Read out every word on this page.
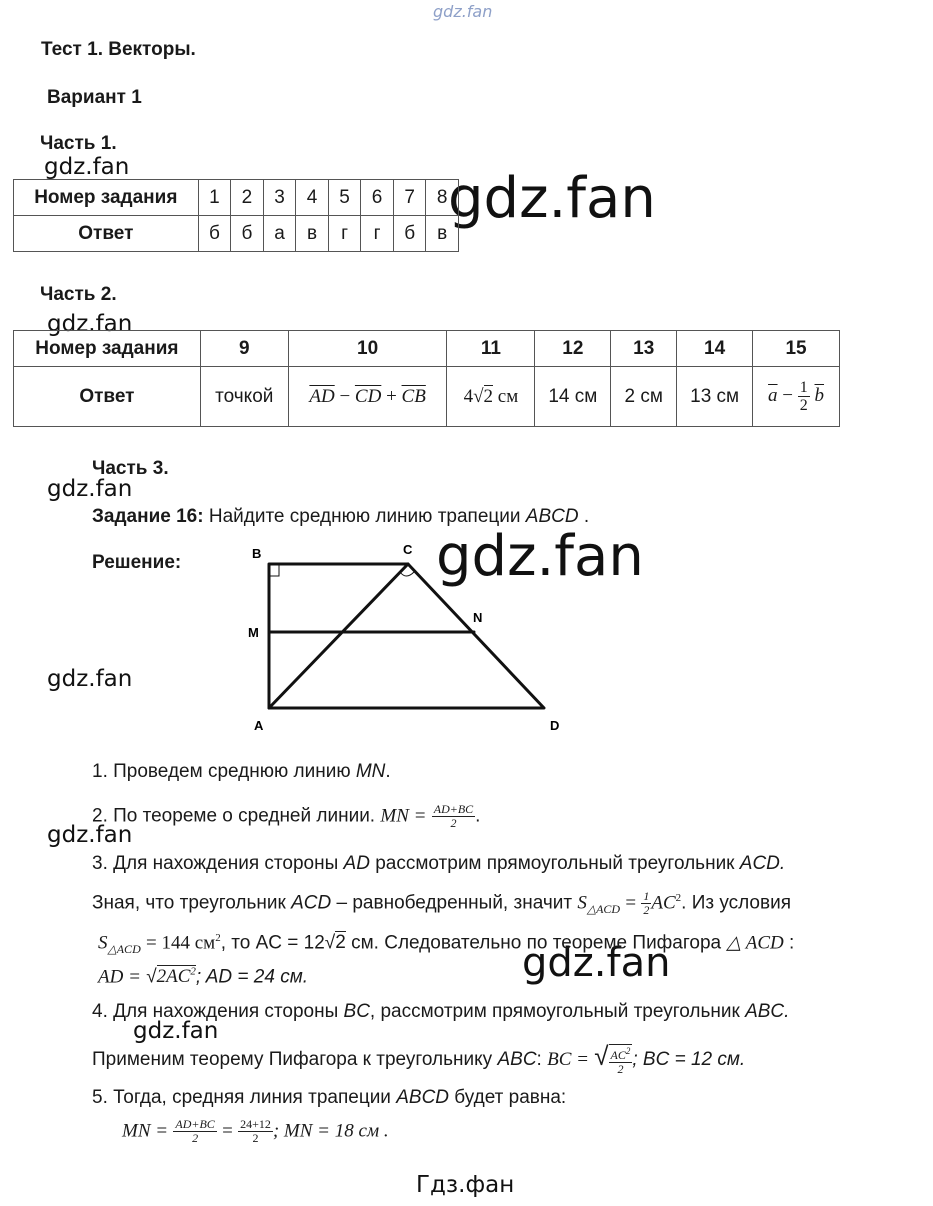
gdz.fan
gdz.fan	gdz.fan
gdz.fan
gdz.fan
gdz.fan
gdz.fan
gdz.fan
gdz.fan
gdz.fan
Гдз.фан
Тест 1. Векторы.
Вариант 1
Часть 1.
Номер задания	1	2	3	4	5	6	7	8
Ответ	б	б	а	в	г	г	б	в
Часть 2.
Номер задания	9	10	11	12	13	14	15
Ответ	точкой	$\overline{AD} - \overline{CD} + \overline{CB}$	4√2 см	14 см	2 см	13 см	$\overline{a} - \frac{1}{2} \overline{b}$
Часть 3.
Задание 16: Найдите среднюю линию трапеции ABCD .
Решение:	B	C
M
N
A	D
1. Проведем среднюю линию MN.
2. По теореме о средней линии. MN = $\frac{AD+BC}{2}$ .
3. Для нахождения стороны AD рассмотрим прямоугольный треугольник ACD.
Зная, что треугольник ACD – равнобедренный, значит $S_{\triangle ACD} = \frac{1}{2} AC^2$. Из условия
$S_{\triangle ACD} = 144$ $см^2$, то AC = 12√2 см. Следовательно по теореме Пифагора △ ACD :
AD = $√2AC^2$; AD = 24 см.
4. Для нахождения стороны BC, рассмотрим прямоугольный треугольник ABC.
Применим теорему Пифагора к треугольнику ABC: BC = √ $\frac{AC^2}{2}$ ; BC = 12 см.
5. Тогда, средняя линия трапеции ABCD будет равна:
MN = $\frac{AD+BC}{2} = \frac{24+12}{2}$ ; MN = 18 см .
